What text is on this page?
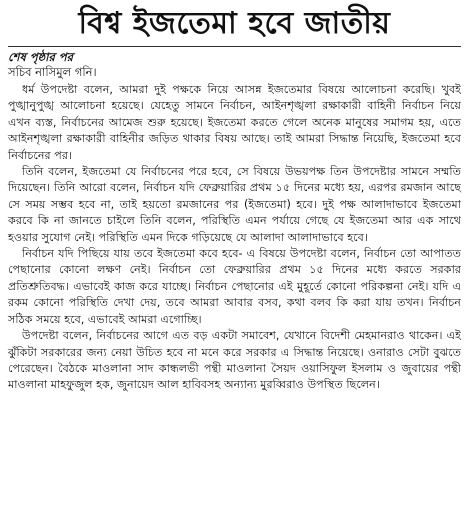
বিশ্ব ইজতেমা হবে জাতীয়

শেষ পৃষ্ঠার পর

সচিব নাসিমুল গনি।

ধর্ম উপদেষ্টা বলেন, আমরা দুই পক্ষকে নিয়ে আসন্ন ইজতেমার বিষয়ে আলোচনা করেছি। খুবই পুঙ্খানুপুঙ্খ আলোচনা হয়েছে। যেহেতু সামনে নির্বাচন, আইনশৃঙ্খলা রক্ষাকারী বাহিনী নির্বাচন নিয়ে এখন ব্যস্ত, নির্বাচনের আমেজ শুরু হয়েছে। ইজতেমা করতে গেলে অনেক মানুষের সমাগম হয়, এতে আইনশৃঙ্খলা রক্ষাকারী বাহিনীর জড়িত থাকার বিষয় আছে। তাই আমরা সিদ্ধান্ত নিয়েছি, ইজতেমা হবে নির্বাচনের পর।

তিনি বলেন, ইজতেমা যে নির্বাচনের পরে হবে, সে বিষয়ে উভয়পক্ষ তিন উপদেষ্টার সামনে সম্মতি দিয়েছেন। তিনি আরো বলেন, নির্বাচন যদি ফেব্রুয়ারির প্রথম ১৫ দিনের মধ্যে হয়, এরপর রমজান আছে সে সময় সম্ভব হবে না, তাই হয়তো রমজানের পর (ইজতেমা) হবে। দুই পক্ষ আলাদাভাবে ইজতেমা করবে কি না জানতে চাইলে তিনি বলেন, পরিস্থিতি এমন পর্যায়ে গেছে যে ইজতেমা আর এক সাথে হওয়ার সুযোগ নেই। পরিস্থিতি এমন দিকে গড়িয়েছে যে আলাদা আলাদাভাবে হবে।

নির্বাচন যদি পিছিয়ে যায় তবে ইজতেমা কবে হবে- এ বিষয়ে উপদেষ্টা বলেন, নির্বাচন তো আপাতত পেছানোর কোনো লক্ষণ নেই। নির্বাচন তো ফেব্রুয়ারির প্রথম ১৫ দিনের মধ্যে করতে সরকার প্রতিশ্রুতিবদ্ধ। এভাবেই কাজ করে যাচ্ছে। নির্বাচন পেছানোর এই মুহূর্তে কোনো পরিকল্পনা নেই। যদি এ রকম কোনো পরিস্থিতি দেখা দেয়, তবে আমরা আবার বসব, কথা বলব কি করা যায় তখন। নির্বাচন সঠিক সময়ে হবে, এভাবেই আমরা এগোচ্ছি।

উপদেষ্টা বলেন, নির্বাচনের আগে এত বড় একটা সমাবেশ, যেখানে বিদেশী মেহমানরাও থাকেন। এই ঝুঁকিটা সরকারের জন্য নেয়া উচিত হবে না মনে করে সরকার এ সিদ্ধান্ত নিয়েছে। ওনারাও সেটা বুঝতে পেরেছেন। বৈঠকে মাওলানা সাদ কান্ধলভী পন্থী মাওলানা সৈয়দ ওয়াসিফুল ইসলাম ও জুবায়ের পন্থী মাওলানা মাহফুজুল হক, জুনায়েদ আল হাবিবসহ অন্যান্য মুরব্বিরাও উপস্থিত ছিলেন।
